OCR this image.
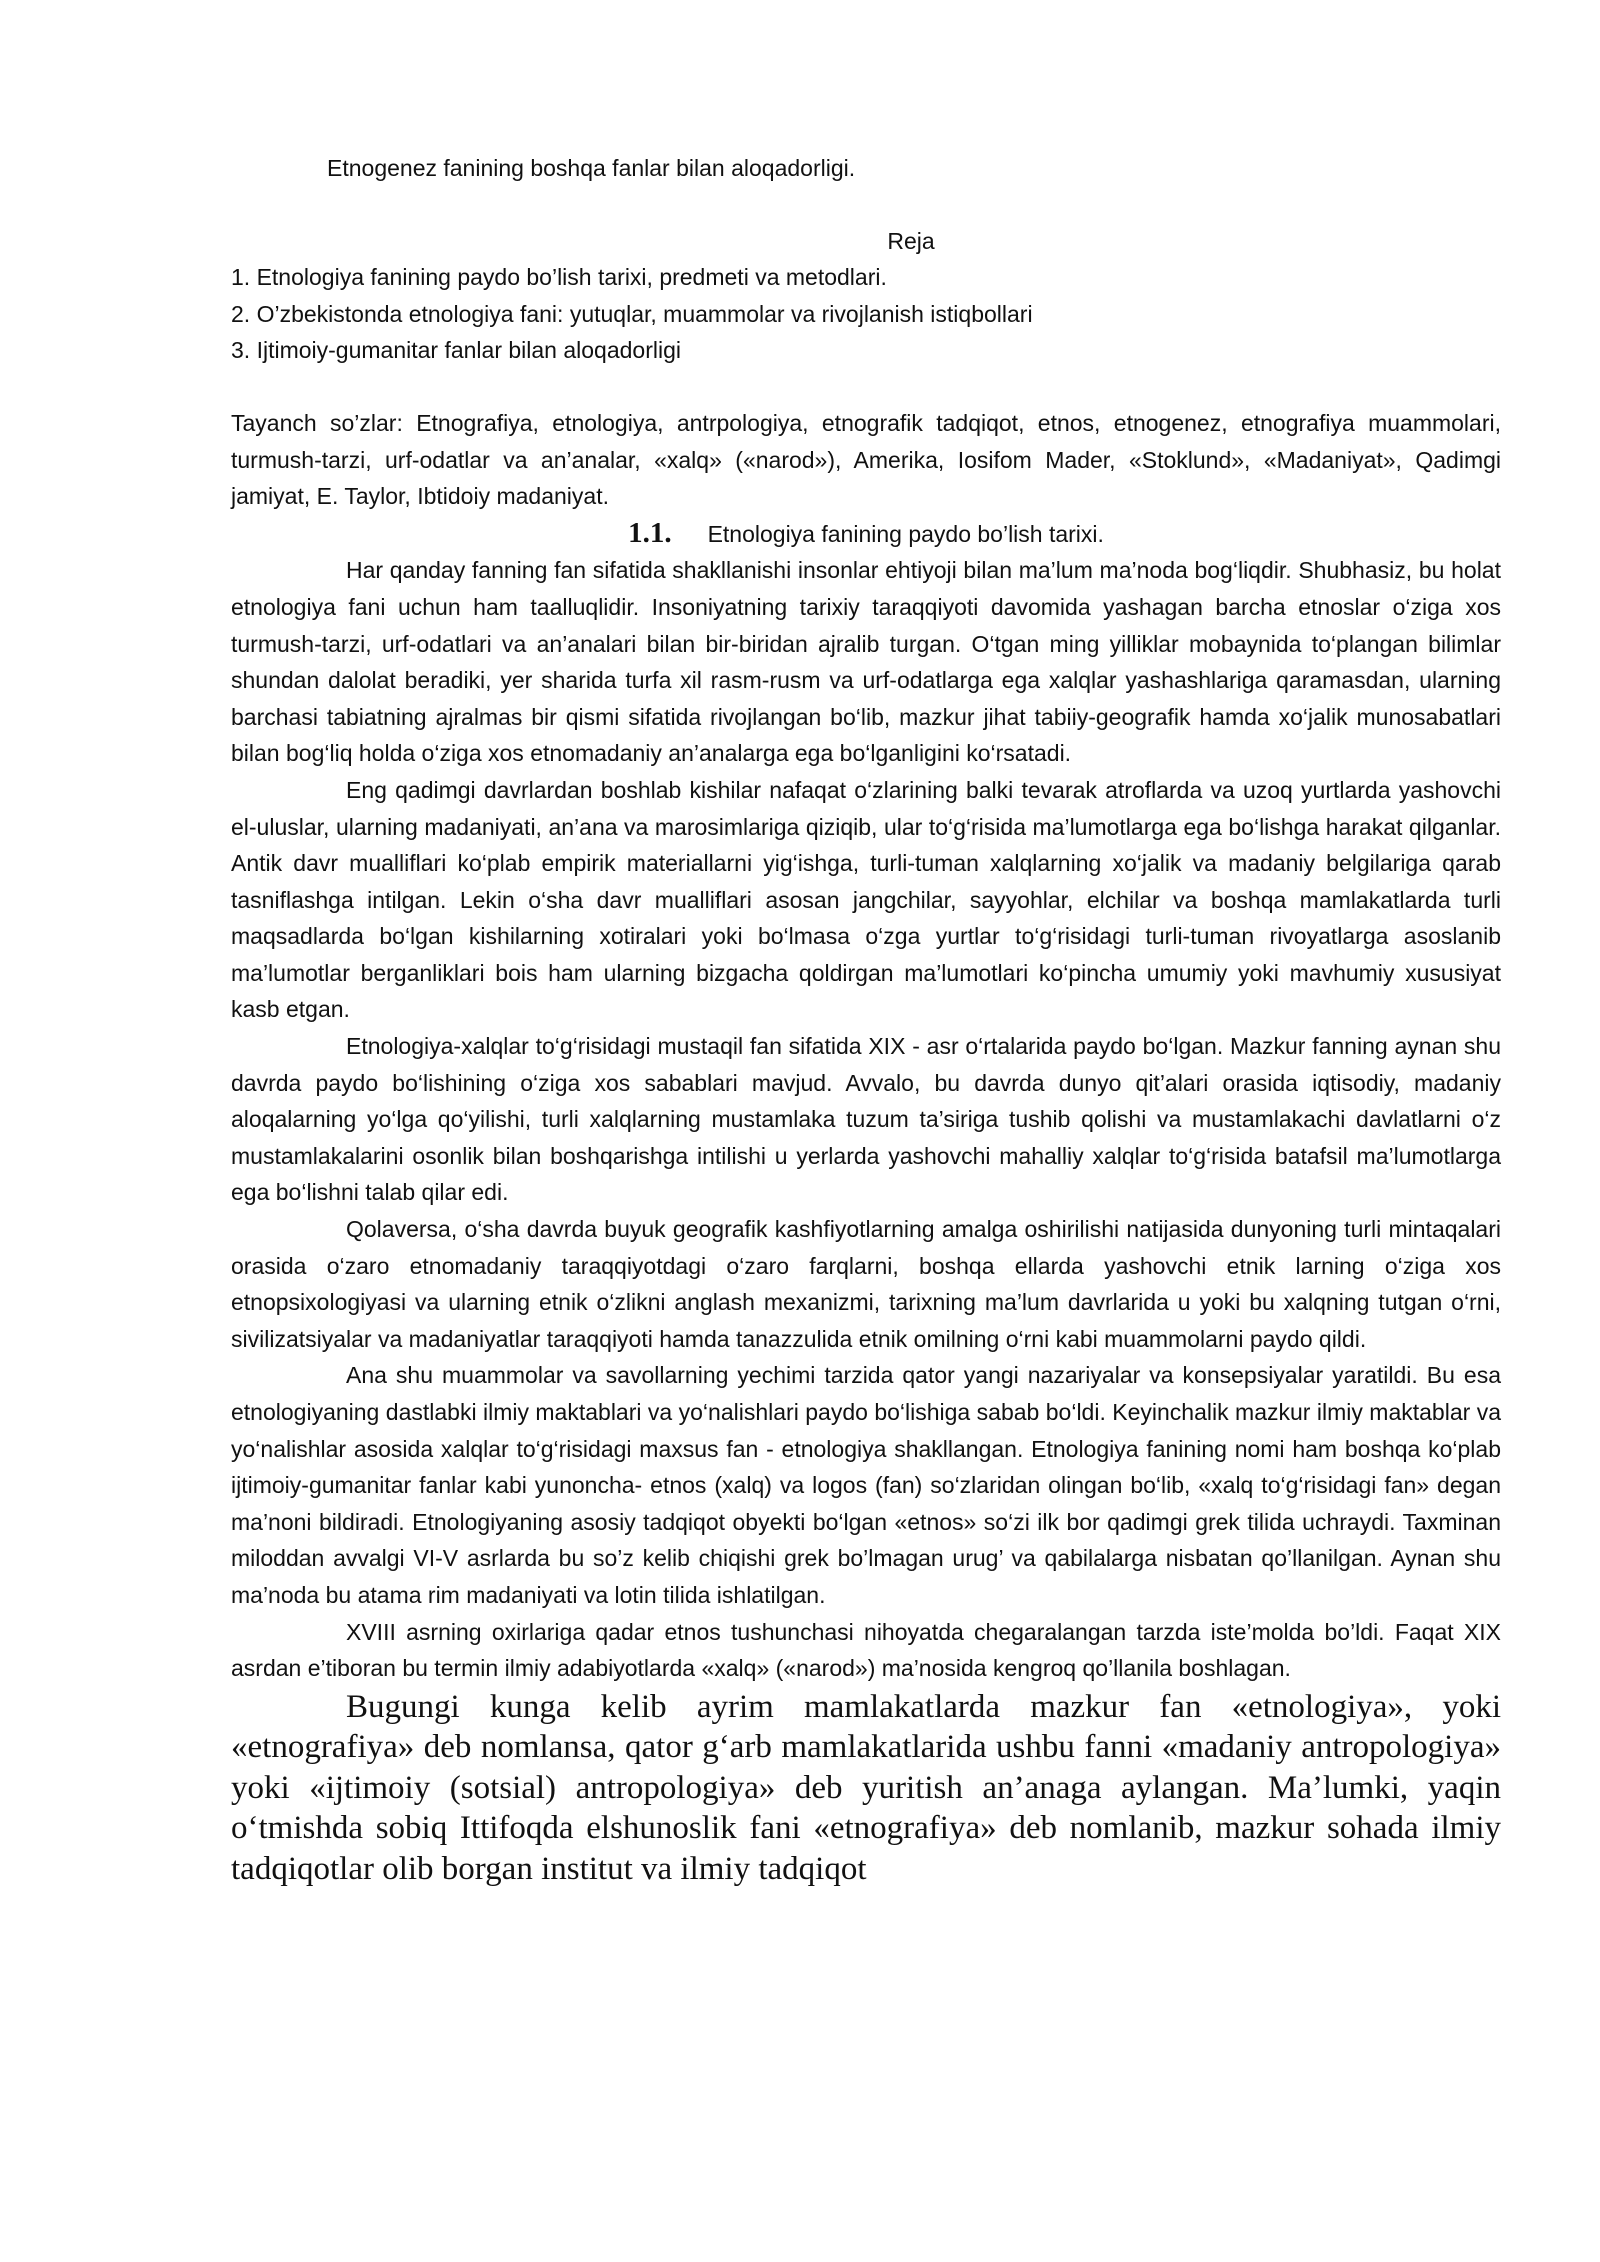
Etnogenez fanining boshqa fanlar bilan aloqadorligi.

Reja

1. Etnologiya fanining paydo bo’lish tarixi, predmeti va metodlari.
2. O’zbekistonda etnologiya fani: yutuqlar, muammolar va rivojlanish istiqbollari
3. Ijtimoiy-gumanitar fanlar bilan aloqadorligi

Tayanch so’zlar: Etnografiya, etnologiya, antrpologiya, etnografik tadqiqot, etnos, etnogenez, etnografiya muammolari, turmush-tarzi, urf-odatlar va an’analar, «xalq» («narod»), Amerika, Iosifom Mader, «Stoklund», «Madaniyat», Qadimgi jamiyat, E. Taylor, Ibtidoiy madaniyat.

1.1. Etnologiya fanining paydo bo’lish tarixi.

Har qanday fanning fan sifatida shakllanishi insonlar ehtiyoji bilan ma’lum ma’noda bog‘liqdir. Shubhasiz, bu holat etnologiya fani uchun ham taalluqlidir. Insoniyatning tarixiy taraqqiyoti davomida yashagan barcha etnoslar o‘ziga xos turmush-tarzi, urf-odatlari va an’analari bilan bir-biridan ajralib turgan. O‘tgan ming yilliklar mobaynida to‘plangan bilimlar shundan dalolat beradiki, yer sharida turfa xil rasm-rusm va urf-odatlarga ega xalqlar yashashlariga qaramasdan, ularning barchasi tabiatning ajralmas bir qismi sifatida rivojlangan bo‘lib, mazkur jihat tabiiy-geografik hamda xo‘jalik munosabatlari bilan bog‘liq holda o‘ziga xos etnomadaniy an’analarga ega bo‘lganligini ko‘rsatadi.

Eng qadimgi davrlardan boshlab kishilar nafaqat o‘zlarining balki tevarak atroflarda va uzoq yurtlarda yashovchi el-uluslar, ularning madaniyati, an’ana va marosimlariga qiziqib, ular to‘g‘risida ma’lumotlarga ega bo‘lishga harakat qilganlar. Antik davr mualliflari ko‘plab empirik materiallarni yig‘ishga, turli-tuman xalqlarning xo‘jalik va madaniy belgilariga qarab tasniflashga intilgan. Lekin o‘sha davr mualliflari asosan jangchilar, sayyohlar, elchilar va boshqa mamlakatlarda turli maqsadlarda bo‘lgan kishilarning xotiralari yoki bo‘lmasa o‘zga yurtlar to‘g‘risidagi turli-tuman rivoyatlarga asoslanib ma’lumotlar berganliklari bois ham ularning bizgacha qoldirgan ma’lumotlari ko‘pincha umumiy yoki mavhumiy xususiyat kasb etgan.

Etnologiya-xalqlar to‘g‘risidagi mustaqil fan sifatida XIX - asr o‘rtalarida paydo bo‘lgan. Mazkur fanning aynan shu davrda paydo bo‘lishining o‘ziga xos sabablari mavjud. Avvalo, bu davrda dunyo qit’alari orasida iqtisodiy, madaniy aloqalarning yo‘lga qo‘yilishi, turli xalqlarning mustamlaka tuzum ta’siriga tushib qolishi va mustamlakachi davlatlarni o‘z mustamlakalarini osonlik bilan boshqarishga intilishi u yerlarda yashovchi mahalliy xalqlar to‘g‘risida batafsil ma’lumotlarga ega bo‘lishni talab qilar edi.

Qolaversa, o‘sha davrda buyuk geografik kashfiyotlarning amalga oshirilishi natijasida dunyoning turli mintaqalari orasida o‘zaro etnomadaniy taraqqiyotdagi o‘zaro farqlarni, boshqa ellarda yashovchi etnik larning o‘ziga xos etnopsixologiyasi va ularning etnik o‘zlikni anglash mexanizmi, tarixning ma’lum davrlarida u yoki bu xalqning tutgan o‘rni, sivilizatsiyalar va madaniyatlar taraqqiyoti hamda tanazzulida etnik omilning o‘rni kabi muammolarni paydo qildi.

Ana shu muammolar va savollarning yechimi tarzida qator yangi nazariyalar va konsepsiyalar yaratildi. Bu esa etnologiyaning dastlabki ilmiy maktablari va yo‘nalishlari paydo bo‘lishiga sabab bo‘ldi. Keyinchalik mazkur ilmiy maktablar va yo‘nalishlar asosida xalqlar to‘g‘risidagi maxsus fan - etnologiya shakllangan. Etnologiya fanining nomi ham boshqa ko‘plab ijtimoiy-gumanitar fanlar kabi yunoncha- etnos (xalq) va logos (fan) so‘zlaridan olingan bo‘lib, «xalq to‘g‘risidagi fan» degan ma’noni bildiradi. Etnologiyaning asosiy tadqiqot obyekti bo‘lgan «etnos» so‘zi ilk bor qadimgi grek tilida uchraydi. Taxminan miloddan avvalgi VI-V asrlarda bu so’z kelib chiqishi grek bo’lmagan urug’ va qabilalarga nisbatan qo’llanilgan. Aynan shu ma’noda bu atama rim madaniyati va lotin tilida ishlatilgan.

XVIII asrning oxirlariga qadar etnos tushunchasi nihoyatda chegaralangan tarzda iste’molda bo’ldi. Faqat XIX asrdan e’tiboran bu termin ilmiy adabiyotlarda «xalq» («narod») ma’nosida kengroq qo’llanila boshlagan.

Bugungi kunga kelib ayrim mamlakatlarda mazkur fan «etnologiya», yoki «etnografiya» deb nomlansa, qator g‘arb mamlakatlarida ushbu fanni «madaniy antropologiya» yoki «ijtimoiy (sotsial) antropologiya» deb yuritish an’anaga aylangan. Ma’lumki, yaqin o‘tmishda sobiq Ittifoqda elshunoslik fani «etnografiya» deb nomlanib, mazkur sohada ilmiy tadqiqotlar olib borgan institut va ilmiy tadqiqot
